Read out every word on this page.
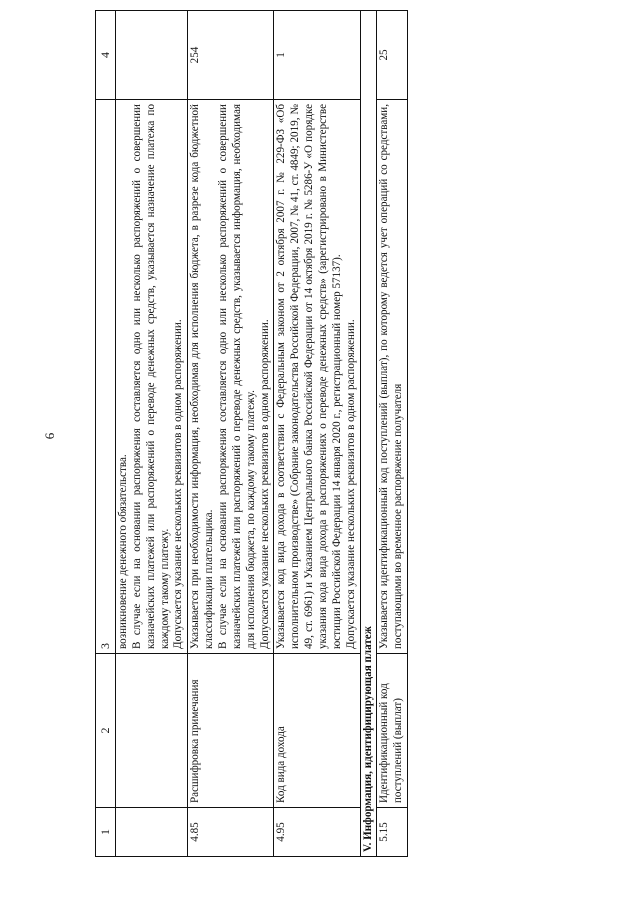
6
1	2	3	4

		возникновение денежного обязательства. В случае если на основании распоряжения составляется одно или несколько распоряжений о совершении казначейских платежей или распоряжений о переводе денежных средств, указывается назначение платежа по каждому такому платежу. Допускается указание нескольких реквизитов в одном распоряжении.	

4.85	Расшифровка примечания	Указывается при необходимости информация, необходимая для исполнения бюджета, в разрезе кода бюджетной классификации плательщика. В случае если на основании распоряжения составляется одно или несколько распоряжений о совершении казначейских платежей или распоряжений о переводе денежных средств, указывается информация, необходимая для исполнения бюджета, по каждому такому платежу. Допускается указание нескольких реквизитов в одном распоряжении.	254
4.95	Код вида дохода	Указывается код вида дохода в соответствии с Федеральным законом от 2 октября 2007 г. № 229-ФЗ «Об исполнительном производстве» (Собрание законодательства Российской Федерации, 2007, № 41, ст. 4849; 2019, № 49, ст. 6961) и Указанием Центрального банка Российской Федерации от 14 октября 2019 г. № 5286-У «О порядке указания кода вида дохода в распоряжениях о переводе денежных средств» (зарегистрировано в Министерстве юстиции Российской Федерации 14 января 2020 г., регистрационный номер 57137). Допускается указание нескольких реквизитов в одном распоряжении.	1
V. Информация, идентифицирующая платеж			
5.15	Идентификационный код поступлений (выплат)	Указывается идентификационный код поступлений (выплат), по которому ведется учет операций со средствами, поступающими во временное распоряжение получателя	25
